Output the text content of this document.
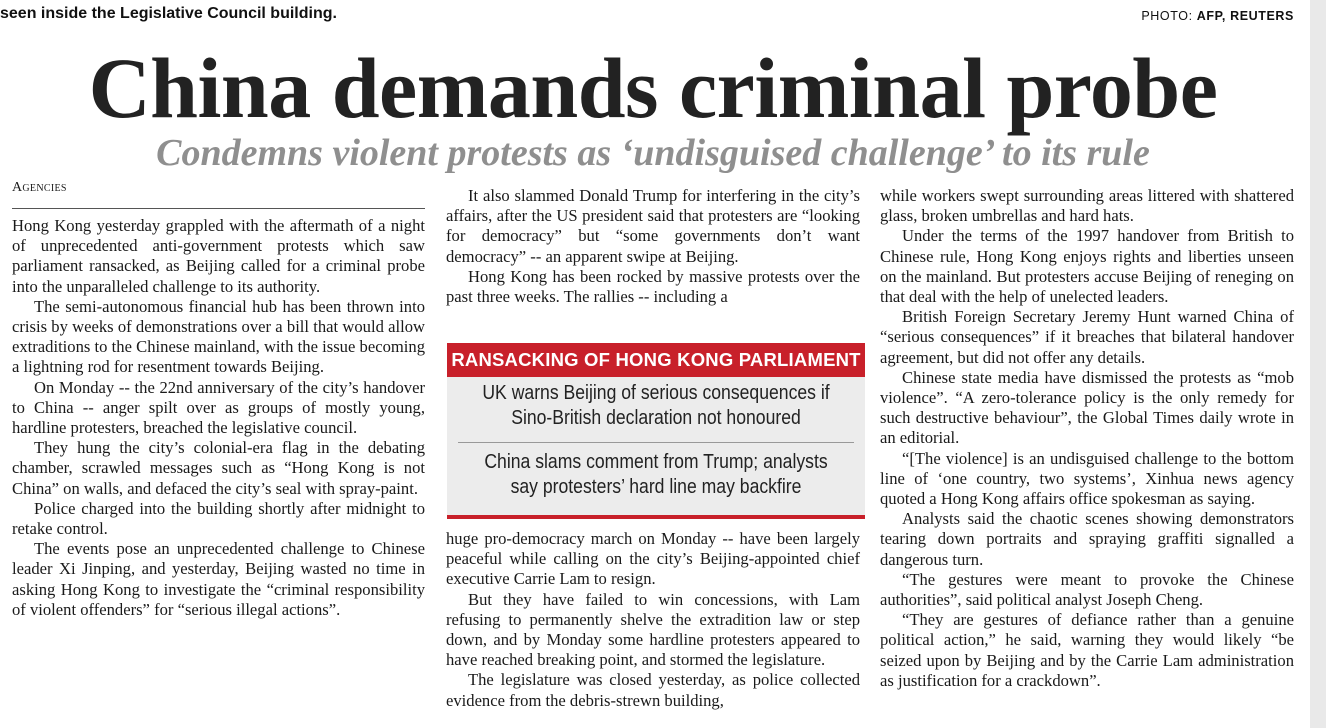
seen inside the Legislative Council building.	PHOTO: AFP, REUTERS
China demands criminal probe
Condemns violent protests as ‘undisguised challenge’ to its rule
Agencies

Hong Kong yesterday grappled with the aftermath of a night of unprecedented anti-government protests which saw parliament ransacked, as Beijing called for a criminal probe into the unparalleled challenge to its authority.

The semi-autonomous financial hub has been thrown into crisis by weeks of demonstrations over a bill that would allow extraditions to the Chinese mainland, with the issue becoming a lightning rod for resentment towards Beijing.

On Monday -- the 22nd anniversary of the city’s handover to China -- anger spilt over as groups of mostly young, hardline protesters, breached the legislative council.

They hung the city’s colonial-era flag in the debating chamber, scrawled messages such as “Hong Kong is not China” on walls, and defaced the city’s seal with spray-paint.

Police charged into the building shortly after midnight to retake control.

The events pose an unprecedented challenge to Chinese leader Xi Jinping, and yesterday, Beijing wasted no time in asking Hong Kong to investigate the “criminal responsibility of violent offenders” for “serious illegal actions”.

It also slammed Donald Trump for interfering in the city’s affairs, after the US president said that protesters are “looking for democracy” but “some governments don’t want democracy” -- an apparent swipe at Beijing.

Hong Kong has been rocked by massive protests over the past three weeks. The rallies -- including a

RANSACKING OF HONG KONG PARLIAMENT
UK warns Beijing of serious consequences if Sino-British declaration not honoured
China slams comment from Trump; analysts say protesters’ hard line may backfire

huge pro-democracy march on Monday -- have been largely peaceful while calling on the city’s Beijing-appointed chief executive Carrie Lam to resign.

But they have failed to win concessions, with Lam refusing to permanently shelve the extradition law or step down, and by Monday some hardline protesters appeared to have reached breaking point, and stormed the legislature.

The legislature was closed yesterday, as police collected evidence from the debris-strewn building,

while workers swept surrounding areas littered with shattered glass, broken umbrellas and hard hats.

Under the terms of the 1997 handover from British to Chinese rule, Hong Kong enjoys rights and liberties unseen on the mainland. But protesters accuse Beijing of reneging on that deal with the help of unelected leaders.

British Foreign Secretary Jeremy Hunt warned China of “serious consequences” if it breaches that bilateral handover agreement, but did not offer any details.

Chinese state media have dismissed the protests as “mob violence”. “A zero-tolerance policy is the only remedy for such destructive behaviour”, the Global Times daily wrote in an editorial.

“[The violence] is an undisguised challenge to the bottom line of ‘one country, two systems’, Xinhua news agency quoted a Hong Kong affairs office spokesman as saying.

Analysts said the chaotic scenes showing demonstrators tearing down portraits and spraying graffiti signalled a dangerous turn.

“The gestures were meant to provoke the Chinese authorities”, said political analyst Joseph Cheng.

“They are gestures of defiance rather than a genuine political action,” he said, warning they would likely “be seized upon by Beijing and by the Carrie Lam administration as justification for a crackdown”.
